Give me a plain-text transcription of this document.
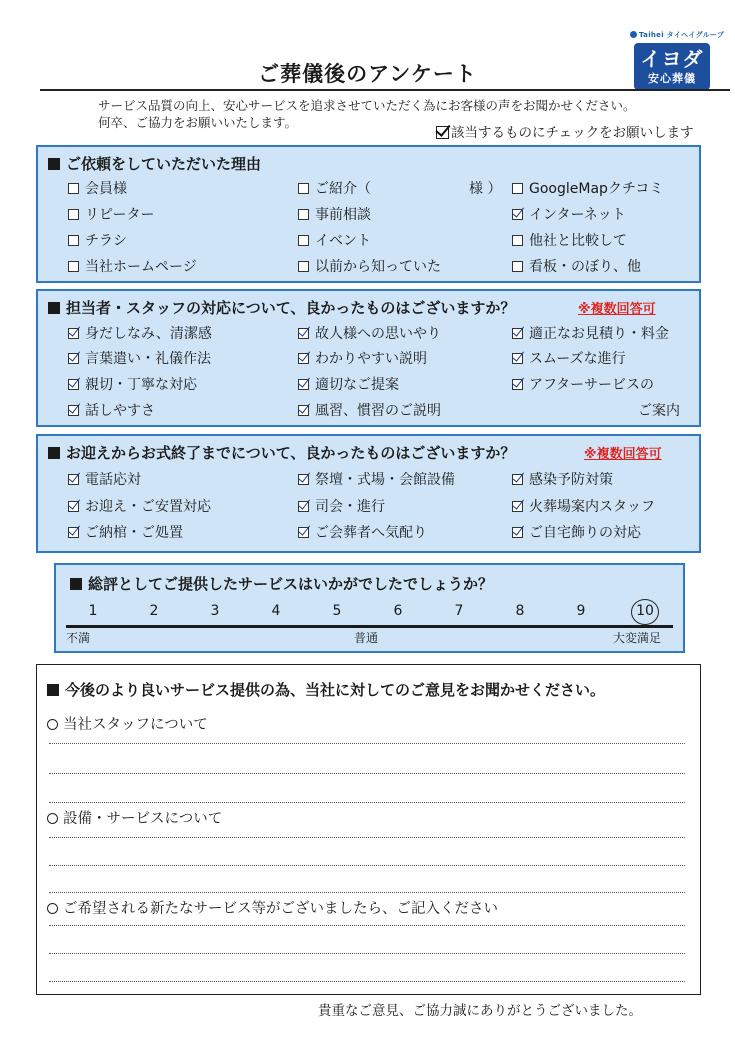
Taihei タイヘイグループ
イヨダ
安心葬儀
ご葬儀後のアンケート
サービス品質の向上、安心サービスを追求させていただく為にお客様の声をお聞かせください。
何卒、ご協力をお願いいたします。
該当するものにチェックをお願いします
ご依頼をしていただいた理由
会員様	ご紹介（　　　　　　　様 ）	GoogleMapクチコミ
リピーター	事前相談	インターネット
チラシ	イベント	他社と比較して
当社ホームページ	以前から知っていた	看板・のぼり、他
担当者・スタッフの対応について、良かったものはございますか？	※複数回答可
身だしなみ、清潔感	故人様への思いやり	適正なお見積り・料金
言葉遣い・礼儀作法	わかりやすい説明	スムーズな進行
親切・丁寧な対応	適切なご提案	アフターサービスの
話しやすさ	風習、慣習のご説明	ご案内
お迎えからお式終了までについて、良かったものはございますか？	※複数回答可
電話応対	祭壇・式場・会館設備	感染予防対策
お迎え・ご安置対応	司会・進行	火葬場案内スタッフ
ご納棺・ご処置	ご会葬者へ気配り	ご自宅飾りの対応
総評としてご提供したサービスはいかがでしたでしょうか？
1	2	3	4	5	6	7	8	9	10
不満	普通	大変満足
今後のより良いサービス提供の為、当社に対してのご意見をお聞かせください。
当社スタッフについて
設備・サービスについて
ご希望される新たなサービス等がございましたら、ご記入ください
貴重なご意見、ご協力誠にありがとうございました。
